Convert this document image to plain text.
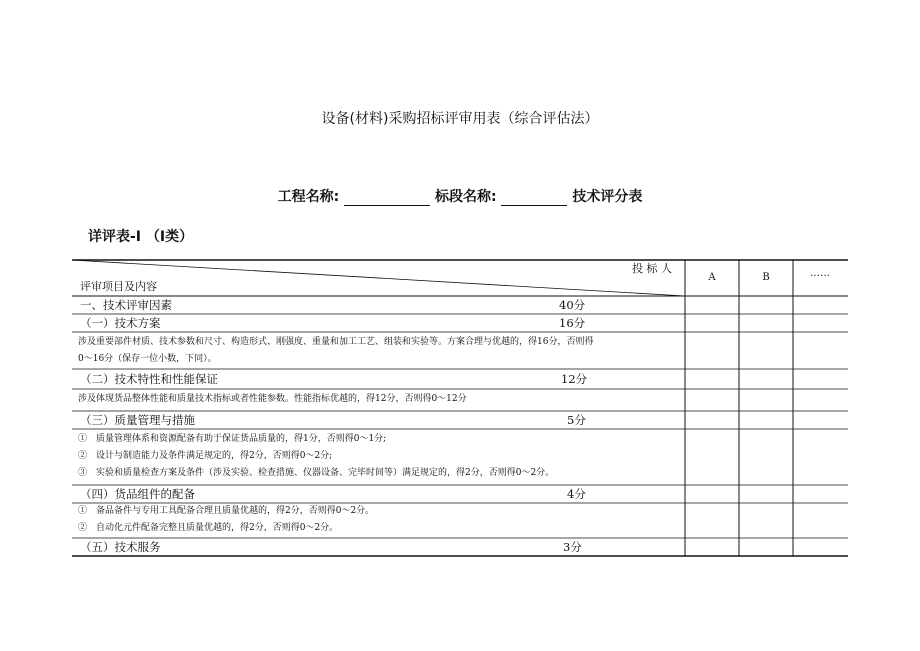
设备(材料)采购招标评审用表（综合评估法）
工程名称:	标段名称:	技术评分表
详评表-Ⅰ （Ⅰ类）
投 标 人
评审项目及内容
A	B	……
一、技术评审因素	40分
（一）技术方案	16分
涉及重要部件材质、技术参数和尺寸、构造形式、刚强度、重量和加工工艺、组装和实验等。方案合理与优越的，得16分，否则得
0～16分（保存一位小数，下同）。
（二）技术特性和性能保证	12分
涉及体现货品整体性能和质量技术指标或者性能参数。性能指标优越的，得12分，否则得0～12分
（三）质量管理与措施	5分
①　质量管理体系和资源配备有助于保证货品质量的，得1分，否则得0～1分;
②　设计与制造能力及条件满足规定的，得2分，否则得0～2分;
③　实验和质量检查方案及条件（涉及实验、检查措施、仪器设备、完毕时间等）满足规定的，得2分，否则得0～2分。
（四）货品组件的配备	4分
①　备品备件与专用工具配备合理且质量优越的，得2分，否则得0～2分。
②　自动化元件配备完整且质量优越的，得2分，否则得0～2分。
（五）技术服务	3分
